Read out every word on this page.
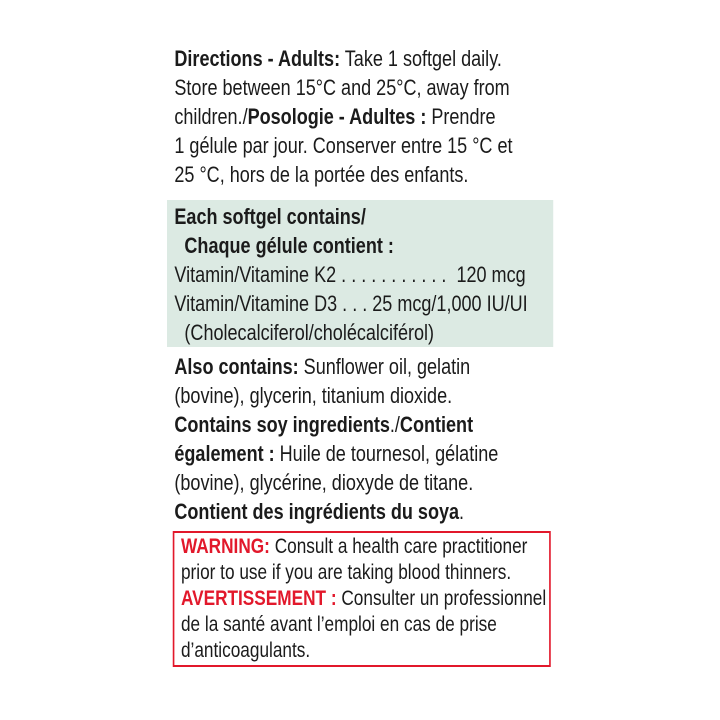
Directions - Adults: Take 1 softgel daily.
Store between 15°C and 25°C, away from
children./Posologie - Adultes : Prendre
1 gélule par jour. Conserver entre 15 °C et
25 °C, hors de la portée des enfants.
Each softgel contains/
Chaque gélule contient :
Vitamin/Vitamine K2 . . . . . . . . . . .  120 mcg
Vitamin/Vitamine D3 . . . 25 mcg/1,000 IU/UI
(Cholecalciferol/cholécalciférol)
Also contains: Sunflower oil, gelatin
(bovine), glycerin, titanium dioxide.
Contains soy ingredients./Contient
également : Huile de tournesol, gélatine
(bovine), glycérine, dioxyde de titane.
Contient des ingrédients du soya.
WARNING: Consult a health care practitioner
prior to use if you are taking blood thinners.
AVERTISSEMENT : Consulter un professionnel
de la santé avant l’emploi en cas de prise
d’anticoagulants.
